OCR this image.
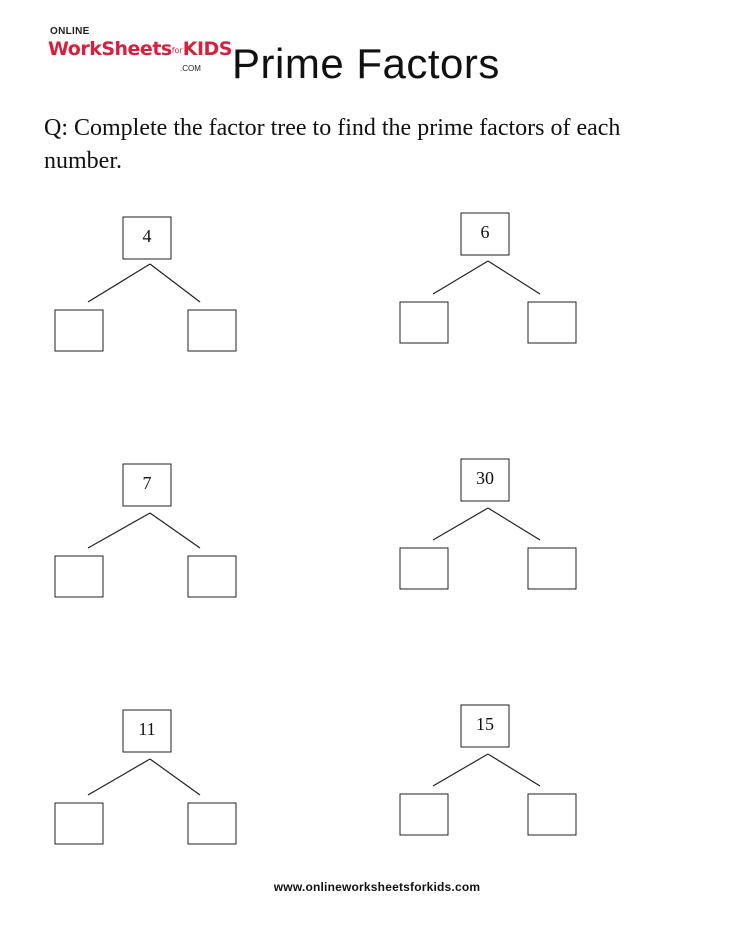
ONLINE
WorkSheetsforKIDS
.COM Prime Factors

Q: Complete the factor tree to find the prime factors of each number.

4	6
7	30
11	15
www.onlineworksheetsforkids.com
